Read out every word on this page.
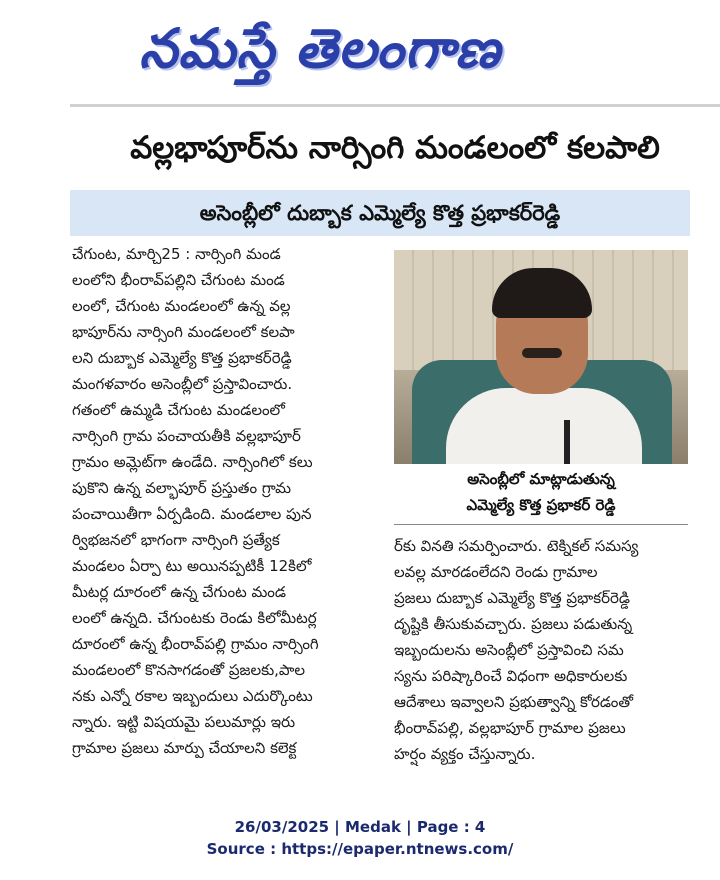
నమస్తే తెలంగాణ
వల్లభాపూర్‌ను నార్సింగి మండలంలో కలపాలి
అసెంబ్లీలో దుబ్బాక ఎమ్మెల్యే కొత్త ప్రభాకర్‌రెడ్డి

చేగుంట, మార్చి25 : నార్సింగి మండ

లంలోని భీంరావ్‌పల్లిని చేగుంట మండ

లంలో, చేగుంట మండలంలో ఉన్న వల్ల

భాపూర్‌ను నార్సింగి మండలంలో కలపా

లని దుబ్బాక ఎమ్మెల్యే కొత్త ప్రభాకర్‌రెడ్డి

మంగళవారం అసెంబ్లీలో ప్రస్తావించారు.

గతంలో ఉమ్మడి చేగుంట మండలంలో

నార్సింగి గ్రామ పంచాయతీకి వల్లభాపూర్

గ్రామం అమ్లెట్‌గా ఉండేది. నార్సింగిలో కలు

పుకొని ఉన్న వల్భాపూర్ ప్రస్తుతం గ్రామ

పంచాయితీగా ఏర్పడింది. మండలాల పున

ర్విభజనలో భాగంగా నార్సింగి ప్రత్యేక

మండలం ఏర్పా టు అయినప్పటికీ 12కిలో

మీటర్ల దూరంలో ఉన్న చేగుంట మండ

లంలో ఉన్నది. చేగుంటకు రెండు కిలోమీటర్ల

దూరంలో ఉన్న భీంరావ్‌పల్లి గ్రామం నార్సింగి

మండలంలో కొనసాగడంతో ప్రజలకు,పాల

నకు ఎన్నో రకాల ఇబ్బందులు ఎదుర్కొంటు

న్నారు. ఇట్టి విషయమై పలుమార్లు ఇరు

గ్రామాల ప్రజలు మార్పు చేయాలని కలెక్ట

అసెంబ్లీలో మాట్లాడుతున్న
ఎమ్మెల్యే కొత్త ప్రభాకర్ రెడ్డి

ర్‌కు వినతి సమర్పించారు. టెక్నికల్ సమస్య

లవల్ల మారడంలేదని రెండు గ్రామాల

ప్రజలు దుబ్బాక ఎమ్మెల్యే కొత్త ప్రభాకర్‌రెడ్డి

దృష్టికి తీసుకువచ్చారు. ప్రజలు పడుతున్న

ఇబ్బందులను అసెంబ్లీలో ప్రస్తావించి సమ

స్యను పరిష్కారించే విధంగా అధికారులకు

ఆదేశాలు ఇవ్వాలని ప్రభుత్వాన్ని కోరడంతో

భీంరావ్‌పల్లి, వల్లభాపూర్ గ్రామాల ప్రజలు

హర్షం వ్యక్తం చేస్తున్నారు.

26/03/2025 | Medak | Page : 4
Source : https://epaper.ntnews.com/
